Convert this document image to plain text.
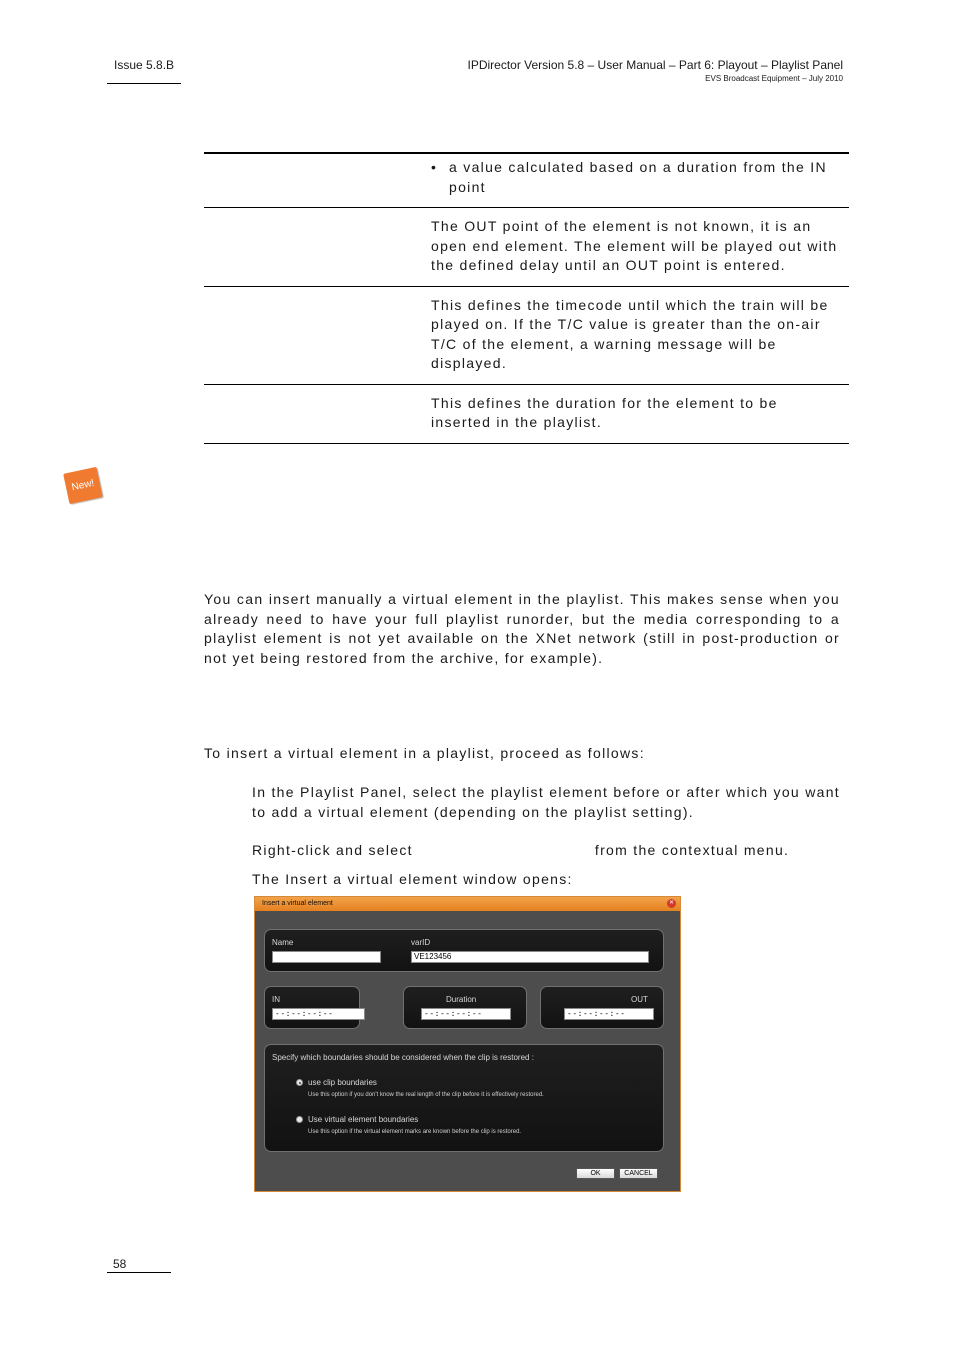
Issue 5.8.B	IPDirector Version 5.8 – User Manual – Part 6: Playout – Playlist Panel
EVS Broadcast Equipment – July 2010

• a value calculated based on a duration from the IN point

The OUT point of the element is not known, it is an open end element. The element will be played out with the defined delay until an OUT point is entered.

This defines the timecode until which the train will be played on. If the T/C value is greater than the on-air T/C of the element, a warning message will be displayed.

This defines the duration for the element to be inserted in the playlist.

New!

You can insert manually a virtual element in the playlist. This makes sense when you already need to have your full playlist runorder, but the media corresponding to a playlist element is not yet available on the XNet network (still in post-production or not yet being restored from the archive, for example).

To insert a virtual element in a playlist, proceed as follows:

In the Playlist Panel, select the playlist element before or after which you want to add a virtual element (depending on the playlist setting).

Right-click and select	from the contextual menu.

The Insert a virtual element window opens:

Insert a virtual element	✕
Name	varID
VE123456
IN
--:--:--:--
Duration
--:--:--:--
OUT
--:--:--:--
Specify which boundaries should be considered when the clip is restored :
use clip boundaries
Use this option if you don't know the real length of the clip before it is effectively restored.
Use virtual element boundaries
Use this option if the virtual element marks are known before the clip is restored.
OK	CANCEL
58
